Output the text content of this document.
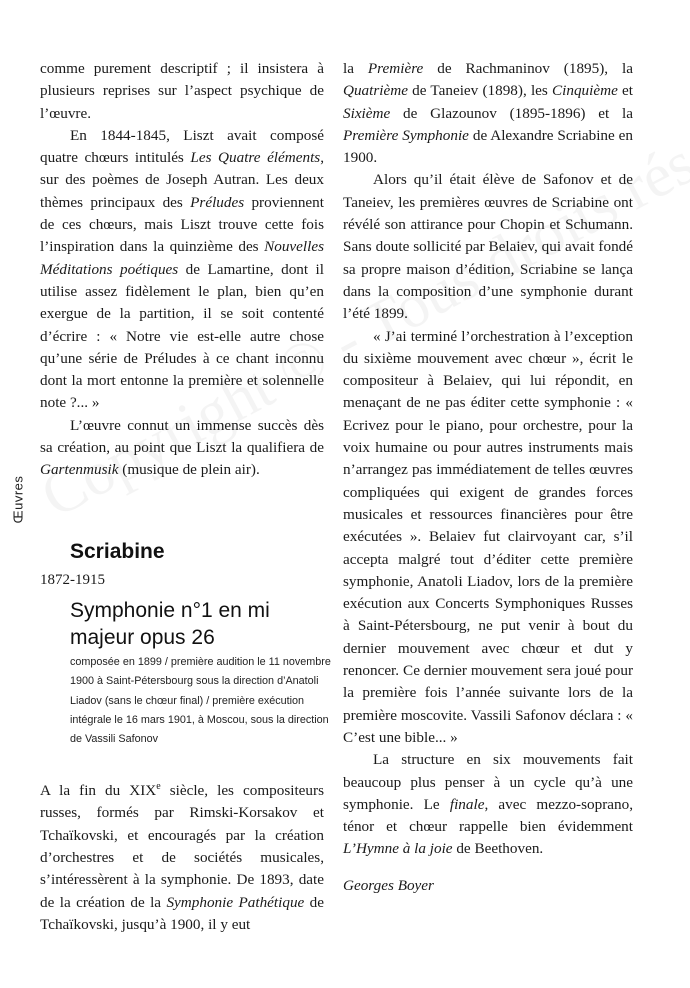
Œuvres

comme purement descriptif ; il insistera à plusieurs reprises sur l’aspect psychique de l’œuvre.

En 1844-1845, Liszt avait composé quatre chœurs intitulés Les Quatre éléments, sur des poèmes de Joseph Autran. Les deux thèmes principaux des Préludes proviennent de ces chœurs, mais Liszt trouve cette fois l’inspiration dans la quinzième des Nouvelles Méditations poétiques de Lamartine, dont il utilise assez fidèlement le plan, bien qu’en exergue de la partition, il se soit contenté d’écrire : « Notre vie est-elle autre chose qu’une série de Préludes à ce chant inconnu dont la mort entonne la première et solennelle note ?... »

L’œuvre connut un immense succès dès sa création, au point que Liszt la qualifiera de Gartenmusik (musique de plein air).

Scriabine
1872-1915
Symphonie n°1 en mi majeur opus 26
composée en 1899 / première audition le 11 novembre 1900 à Saint-Pétersbourg sous la direction d’Anatoli Liadov (sans le chœur final) / première exécution intégrale le 16 mars 1901, à Moscou, sous la direction de Vassili Safonov

A la fin du XIXe siècle, les compositeurs russes, formés par Rimski-Korsakov et Tchaïkovski, et encouragés par la création d’orchestres et de sociétés musicales, s’intéressèrent à la symphonie. De 1893, date de la création de la Symphonie Pathétique de Tchaïkovski, jusqu’à 1900, il y eut

la Première de Rachmaninov (1895), la Quatrième de Taneiev (1898), les Cinquième et Sixième de Glazounov (1895-1896) et la Première Symphonie de Alexandre Scriabine en 1900.

Alors qu’il était élève de Safonov et de Taneiev, les premières œuvres de Scriabine ont révélé son attirance pour Chopin et Schumann. Sans doute sollicité par Belaiev, qui avait fondé sa propre maison d’édition, Scriabine se lança dans la composition d’une symphonie durant l’été 1899.

« J’ai terminé l’orchestration à l’exception du sixième mouvement avec chœur », écrit le compositeur à Belaiev, qui lui répondit, en menaçant de ne pas éditer cette symphonie : « Ecrivez pour le piano, pour orchestre, pour la voix humaine ou pour autres instruments mais n’arrangez pas immédiatement de telles œuvres compliquées qui exigent de grandes forces musicales et ressources financières pour être exécutées ». Belaiev fut clairvoyant car, s’il accepta malgré tout d’éditer cette première symphonie, Anatoli Liadov, lors de la première exécution aux Concerts Symphoniques Russes à Saint-Pétersbourg, ne put venir à bout du dernier mouvement avec chœur et dut y renoncer. Ce dernier mouvement sera joué pour la première fois l’année suivante lors de la première moscovite. Vassili Safonov déclara : « C’est une bible... »

La structure en six mouvements fait beaucoup plus penser à un cycle qu’à une symphonie. Le finale, avec mezzo-soprano, ténor et chœur rappelle bien évidemment L’Hymne à la joie de Beethoven.

Georges Boyer
